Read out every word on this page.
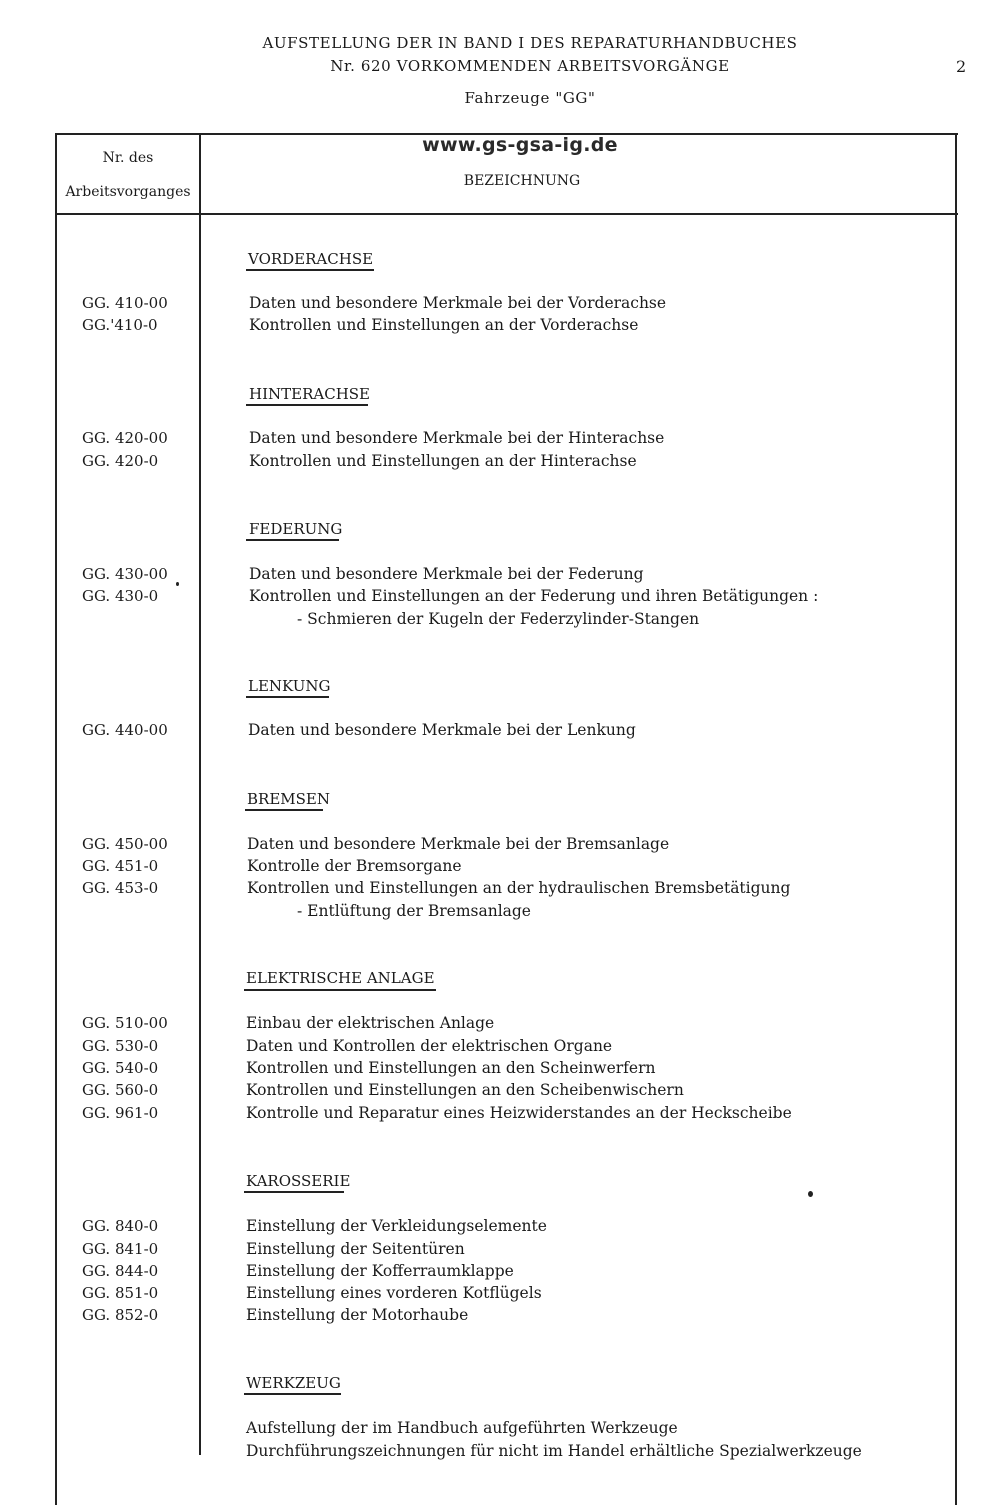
AUFSTELLUNG DER IN BAND I DES REPARATURHANDBUCHES
Nr. 620 VORKOMMENDEN ARBEITSVORGÄNGE
Fahrzeuge "GG"
2
Nr. des
Arbeitsvorganges
www.gs-gsa-ig.de
BEZEICHNUNG
VORDERACHSE
GG. 410-00	Daten und besondere Merkmale bei der Vorderachse
GG.'410-0	Kontrollen und Einstellungen an der Vorderachse
HINTERACHSE
GG. 420-00	Daten und besondere Merkmale bei der Hinterachse
GG. 420-0	Kontrollen und Einstellungen an der Hinterachse
FEDERUNG
GG. 430-00	Daten und besondere Merkmale bei der Federung
GG. 430-0	Kontrollen und Einstellungen an der Federung und ihren Betätigungen :
- Schmieren der Kugeln der Federzylinder-Stangen
LENKUNG
GG. 440-00	Daten und besondere Merkmale bei der Lenkung
BREMSEN
GG. 450-00	Daten und besondere Merkmale bei der Bremsanlage
GG. 451-0	Kontrolle der Bremsorgane
GG. 453-0	Kontrollen und Einstellungen an der hydraulischen Bremsbetätigung
- Entlüftung der Bremsanlage
ELEKTRISCHE ANLAGE
GG. 510-00	Einbau der elektrischen Anlage
GG. 530-0	Daten und Kontrollen der elektrischen Organe
GG. 540-0	Kontrollen und Einstellungen an den Scheinwerfern
GG. 560-0	Kontrollen und Einstellungen an den Scheibenwischern
GG. 961-0	Kontrolle und Reparatur eines Heizwiderstandes an der Heckscheibe
KAROSSERIE
GG. 840-0	Einstellung der Verkleidungselemente
GG. 841-0	Einstellung der Seitentüren
GG. 844-0	Einstellung der Kofferraumklappe
GG. 851-0	Einstellung eines vorderen Kotflügels
GG. 852-0	Einstellung der Motorhaube
WERKZEUG
Aufstellung der im Handbuch aufgeführten Werkzeuge
Durchführungszeichnungen für nicht im Handel erhältliche Spezialwerkzeuge
